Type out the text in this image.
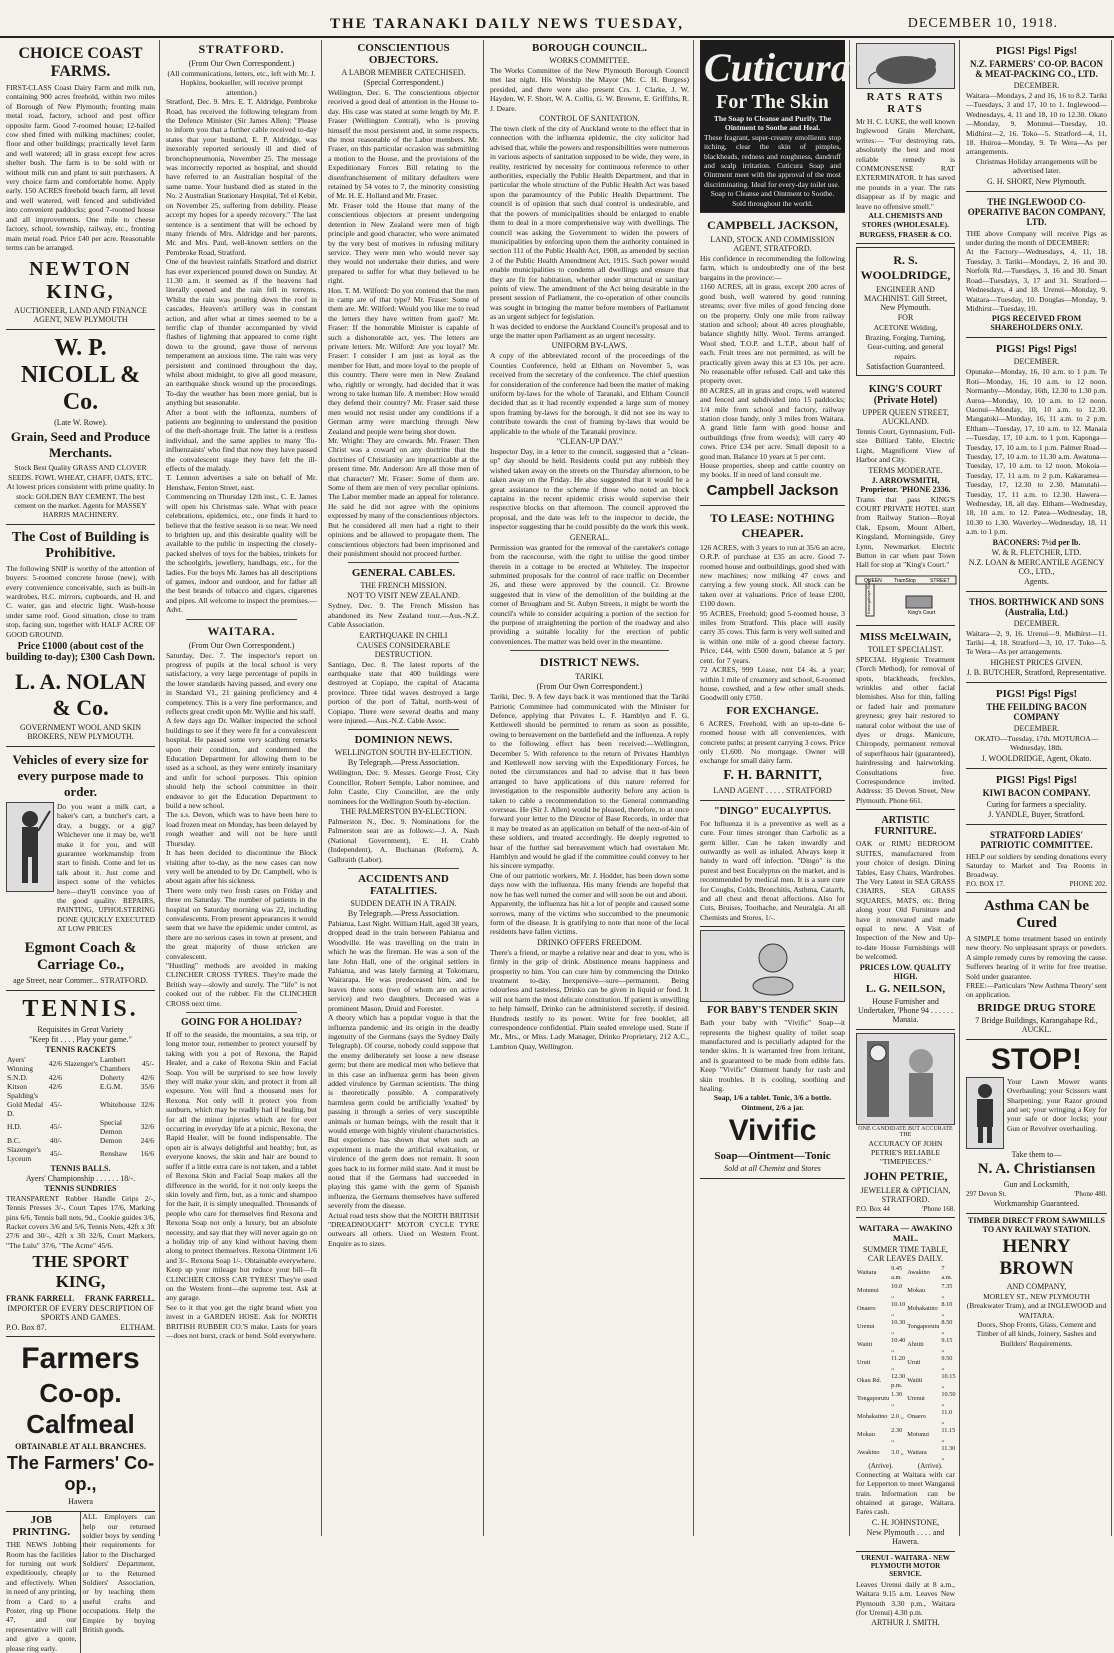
THE TARANAKI DAILY NEWS TUESDAY,	DECEMBER 10, 1918.
CHOICE COAST FARMS.

FIRST-CLASS Coast Dairy Farm and milk run, containing 900 acres freehold, within two miles of Borough of New Plymouth; fronting main metal road, factory, school and post office opposite farm. Good 7-roomed house; 12-bailed cow shed fitted with milking machines; cooler, floor and other buildings; practically level farm and well watered; all in grass except few acres shelter bush. The farm is to be sold with or without milk run and plant to suit purchasers. A very choice farm and comfortable home. Apply early. 150 ACRES freehold beach farm, all level and well watered, well fenced and subdivided into convenient paddocks; good 7-roomed house and all improvements. One mile to cheese factory, school, township, railway, etc., fronting main metal road. Price £40 per acre. Reasonable terms can be arranged.

NEWTON KING,
AUCTIONEER, LAND AND FINANCE AGENT, NEW PLYMOUTH
W. P. NICOLL & Co.
(Late W. Rowe).
Grain, Seed and Produce Merchants.

Stock Best Quality GRASS AND CLOVER SEEDS. FOWL WHEAT, CHAFF, OATS, ETC. At lowest prices consistent with prime quality. In stock: GOLDEN BAY CEMENT. The best cement on the market. Agents for MASSEY HARRIS MACHINERY.

The Cost of Building is Prohibitive.

The following SNIP is worthy of the attention of buyers: 5-roomed concrete house (new), with every convenience conceivable, such as built-in wardrobes, H.C. mirrors, cupboards, and H. and C. water, gas and electric light. Wash-house under same roof. Good situation, close to tram stop, facing sun, together with HALF ACRE OF GOOD GROUND.

Price £1000 (about cost of the building to-day); £300 Cash Down.
L. A. NOLAN & Co.
GOVERNMENT WOOL AND SKIN BROKERS, NEW PLYMOUTH.
Vehicles of every size for every purpose made to order.

Do you want a milk cart, a baker's cart, a butcher's cart, a dray, a buggy, or a gig? Whichever one it may be, we'll make it for you, and will guarantee workmanship from start to finish. Come and let us talk about it. Just come and inspect some of the vehicles here—they'll convince you of the good quality. REPAIRS, PAINTING, UPHOLSTERING DONE QUICKLY EXECUTED AT LOW PRICES

Egmont Coach & Carriage Co.,
age Street, near Commer... STRATFORD.
TENNIS.
Requisites in Great Variety
"Keep fit . . . . Play your game."
TENNIS RACKETS
Ayers' Winning	42/6	Slazenger's	Lambert Chambers	45/-
S.N.D.	42/6		Doherty	42/6
Kitson	42/6		E.G.M.	35/6
Spalding's Gold Medal D.	45/-		Whitehouse	32/6
H.D.	45/-		Special Demon	32/6
B.C.	40/-		Demon	24/6
Slazenger's Lyceum	45/-		Renshaw	16/6
TENNIS BALLS.
Ayers' Championship . . . . . . 18/-.
TENNIS SUNDRIES

TRANSPARENT Rubber Handle Grips 2/-, Tennis Presses 3/-, Court Tapes 17/6, Marking pins 6/6, Tennis ball nets, 9d., Cookie guides 3/6, Racket covers 3/6 and 5/6, Tennis Nets, 42ft x 3ft 27/6 and 30/-, 42ft x 3ft 32/6, Court Markers, "The Lulu" 37/6, "The Acme" 45/6.

THE SPORT KING,
FRANK FARRELL FRANK FARRELL.
IMPORTER OF EVERY DESCRIPTION OF SPORTS AND GAMES.
P.O. Box 87.	ELTHAM.
Farmers
Co-op. Calfmeal
OBTAINABLE AT ALL BRANCHES.
The Farmers' Co-op.,
Hawera
JOB PRINTING.

THE NEWS Jobbing Room has the facilities for turning out work expeditiously, cheaply and effectively. When in need of any printing, from a Card to a Poster, ring up Phone 47, and our representative will call and give a quote, please ring early.

ALL Employers can help our returned soldier boys by sending their requirements for labor to the Discharged Soldiers' Department, or to the Returned Soldiers' Association, or by teaching them useful crafts and occupations. Help the Empire by buying British goods.

STRATFORD.
(From Our Own Correspondent.)

(All communications, letters, etc., left with Mr. J. Hopkins, bookseller, will receive prompt attention.)

Stratford, Dec. 9. Mrs. E. T. Aldridge, Pembroke Road, has received the following telegram from the Defence Minister (Sir James Allen): "Please to inform you that a further cable received to-day states that your husband, E. P. Aldridge, was inexorably reported seriously ill and died of bronchopneumonia, November 25. The message was incorrectly reported as hospital, and should have referred to an Australian hospital of the same name. Your husband died as stated in the No. 2 Australian Stationary Hospital, Tel el Kebir, on November 25, suffering from debility. Please accept my hopes for a speedy recovery." The last sentence is a sentiment that will be echoed by many friends of Mrs. Aldridge and her parents, Mr. and Mrs. Paul, well-known settlers on the Pembroke Road, Stratford.

One of the heaviest rainfalls Stratford and district has ever experienced poured down on Sunday. At 11.30 a.m. it seemed as if the heavens had literally opened and the rain fell in torrents. Whilst the rain was pouring down the roof in cascades, Heaven's artillery was in constant action, and after what at times seemed to be a terrific clap of thunder accompanied by vivid flashes of lightning that appeared to come right down to the ground, gave those of nervous temperament an anxious time. The rain was very persistent and continued throughout the day, whilst about midnight, to give all good measure, an earthquake shock wound up the proceedings. To-day the weather has been more genial, but is anything but seasonable.

After a bout with the influenza, numbers of patients are beginning to understand the position of the theft-shortage fruit. The latter is a restless individual, and the same applies to many 'flu-influenzaists' who find that now they have passed the convalescent stage they have felt the ill-effects of the malady.

T. Lennon advertises a sale on behalf of Mr. Henshaw, Fenton Street, east.

Commencing on Thursday 12th inst., C. E. James will open his Christmas sale. What with peace celebrations, epidemics, etc., one finds it hard to believe that the festive season is so near. We need to brighten up, and this desirable quality will be available to the public in inspecting the closely-packed shelves of toys for the babies, trinkets for the schoolgirls, jewellery, handbags, etc., for the ladies. For the boys Mr. James has all descriptions of games, indoor and outdoor, and for father all the best brands of tobacco and cigars, cigarettes and pipes. All welcome to inspect the premises.—Advt.

WAITARA.
(From Our Own Correspondent.)

Saturday, Dec. 7. The inspector's report on progress of pupils at the local school is very satisfactory, a very large percentage of pupils in the lower standards having passed, and every one in Standard VI., 21 gaining proficiency and 4 competency. This is a very fine performance, and reflects great credit upon Mr. Wyllie and his staff.

A few days ago Dr. Walker inspected the school buildings to see if they were fit for a convalescent hospital. He passed some very scathing remarks upon their condition, and condemned the Education Department for allowing them to be used as a school, as they were entirely insanitary and unfit for school purposes. This opinion should help the school committee in their endeavor to get the Education Department to build a new school.

The s.s. Devon, which was to have been here to load frozen meat on Monday, has been delayed by rough weather and will not be here until Thursday.

It has been decided to discontinue the Block visiting after to-day, as the new cases can now very well be attended to by Dr. Campbell, who is about again after his sickness.

There were only two fresh cases on Friday and three on Saturday. The number of patients in the hospital on Saturday morning was 22, including convalescents. From present appearances it would seem that we have the epidemic under control, as there are no serious cases in town at present, and the great majority of those stricken are convalescent.

"Hustling" methods are avoided in making CLINCHER CROSS TYRES. They're made the British way—slowly and surely. The "life" is not cooked out of the rubber. Fit the CLINCHER CROSS next time.

GOING FOR A HOLIDAY?

If off to the seaside, the mountains, a sea trip, or long motor tour, remember to protect yourself by taking with you a pot of Rexona, the Rapid Healer, and a cake of Rexona Skin and Facial Soap. You will be surprised to see how lovely they will make your skin, and protect it from all exposure. You will find a thousand uses for Rexona. Not only will it protect you from sunburn, which may be readily had if healing, but for all the minor injuries which are for ever occurring in everyday life at a picnic, Rexona, the Rapid Healer, will be found indispensable. The open air is always delightful and healthy; but, as everyone knows, the skin and hair are bound to suffer if a little extra care is not taken, and a tablet of Rexona Skin and Facial Soap makes all the difference in the world, for it not only keeps the skin lovely and firm, but, as a tonic and shampoo for the hair, it is simply unequalled. Thousands of people who care for themselves find Rexona and Rexona Soap not only a luxury, but an absolute necessity, and say that they will never again go on a holiday trip of any kind without having them along to protect themselves. Rexona Ointment 1/6 and 3/-. Rexona Soap 1/-. Obtainable everywhere.

Keep up your mileage but reduce your bill—fit CLINCHER CROSS CAR TYRES! They're used on the Western front—the supreme test. Ask at any garage.

See to it that you get the right brand when you invest in a GARDEN HOSE. Ask for NORTH BRITISH RUBBER CO.'S make. Lasts for years—does not burst, crack or bend. Sold everywhere.

CONSCIENTIOUS OBJECTORS.
A LABOR MEMBER CATECHISED.
(Special Correspondent.)

Wellington, Dec. 6. The conscientious objector received a good deal of attention in the House to-day. His case was stated at some length by Mr. P. Fraser (Wellington Central), who is proving himself the most persistent and, in some respects, the most reasonable of the Labor members. Mr. Fraser, on this particular occasion was submitting a motion to the House, and the provisions of the Expeditionary Forces Bill relating to the disenfranchisement of military defaulters were retained by 54 votes to 7, the minority consisting of Mr. H. E. Holland and Mr. Fraser.

Mr. Fraser told the House that many of the conscientious objectors at present undergoing detention in New Zealand were men of high principle and good character, who were animated by the very best of motives in refusing military service. They were men who would never say they would not undertake their duties, and were prepared to suffer for what they believed to be right.

Hon. T. M. Wilford: Do you contend that the men in camp are of that type? Mr. Fraser: Some of them are. Mr. Wilford: Would you like me to read the letters they have written from gaol? Mr. Fraser: If the honorable Minister is capable of such a dishonorable act, yes. The letters are private letters. Mr. Wilford: Are you loyal? Mr. Fraser: I consider I am just as loyal as the member for Hutt, and more loyal to the people of this country. There were men in New Zealand who, rightly or wrongly, had decided that it was wrong to take human life. A member: How would they defend their country? Mr. Fraser said these men would not resist under any conditions if a German army were marching through New Zealand and people were being shot down.

Mr. Wright: They are cowards. Mr. Fraser: Then Christ was a coward on any doctrine that the doctrines of Christianity are impracticable at the present time. Mr. Anderson: Are all those men of that character? Mr. Fraser: Some of them are. Some of them are men of very peculiar opinions. The Labor member made an appeal for tolerance. He said he did not agree with the opinions expressed by many of the conscientious objectors. But he considered all men had a right to their opinions and be allowed to propagate them. The conscientious objectors had been imprisoned and their punishment should not proceed further.

GENERAL CABLES.
THE FRENCH MISSION.
NOT TO VISIT NEW ZEALAND.

Sydney, Dec. 9. The French Mission has abandoned its New Zealand tour.—Aus.-N.Z. Cable Association.

EARTHQUAKE IN CHILI
CAUSES CONSIDERABLE DESTRUCTION.

Santiago, Dec. 8. The latest reports of the earthquake state that 400 buildings were destroyed at Copiapo, the capital of Atacama province. Three tidal waves destroyed a large portion of the port of Taltal, north-west of Copiapo. There were several deaths and many were injured.—Aus.-N.Z. Cable Assoc.

DOMINION NEWS.
WELLINGTON SOUTH BY-ELECTION.
By Telegraph.—Press Association.

Wellington, Dec. 9. Messrs. George Frost, City Councillor, Robert Semple, Labor nominee, and John Castle, City Councillor, are the only nominees for the Wellington South by-election.

THE PALMERSTON BY-ELECTION.

Palmerston N., Dec. 9. Nominations for the Palmerston seat are as follows:—J. A. Nash (National Government), E. H. Crabb (Independent), A. Buchanan (Reform), A. Galbraith (Labor).

ACCIDENTS AND FATALITIES.
SUDDEN DEATH IN A TRAIN.
By Telegraph.—Press Association.

Pahiatua, Last Night. William Hall, aged 38 years, dropped dead in the train between Pahiatua and Woodville. He was travelling on the train in which he was the fireman. He was a son of the late John Hall, one of the original settlers in Pahiatua, and was lately farming at Tokomaru, Wairarapa. He was predeceased him, and he leaves three sons (two of whom are on active service) and two daughters. Deceased was a prominent Mason, Druid and Forester.

A theory which has a popular vogue is that the influenza pandemic and its origin in the deadly ingenuity of the Germans (says the Sydney Daily Telegraph). Of course, nobody could suppose that the enemy deliberately set loose a new disease germ; but there are medical men who believe that in this case an influenza germ has been given added virulence by German scientists. The thing is theoretically possible. A comparatively harmless germ could be artificially 'exalted' by passing it through a series of very susceptible animals or human beings, with the result that it would emerge with highly virulent characteristics. But experience has shown that when such an experiment is made the artificial exaltation, or virulence of the germ does not remain. It soon goes back to its former mild state. And it must be noted that if the Germans had succeeded in playing this game with the germ of Spanish influenza, the Germans themselves have suffered severely from the disease.

Actual road tests show that the NORTH BRITISH "DREADNOUGHT" MOTOR CYCLE TYRE outwears all others. Used on Western Front. Enquire as to sizes.

BOROUGH COUNCIL.
WORKS COMMITTEE.

The Works Committee of the New Plymouth Borough Council met last night. His Worship the Mayor (Mr. C. H. Burgess) presided, and there were also present Crs. J. Clarke, J. W. Hayden, W. F. Short, W. A. Collis, G. W. Browne, E. Griffiths, R. J. Deare.

CONTROL OF SANITATION.

The town clerk of the city of Auckland wrote to the effect that in connection with the influenza epidemic, the city solicitor had advised that, while the powers and responsibilities were numerous in various aspects of sanitation supposed to be wide, they were, in reality, restricted by necessity for continuous reference to other authorities, especially the Public Health Department, and that in particular the whole structure of the Public Health Act was based upon the paramountcy of the Public Health Department. The council is of opinion that such dual control is undesirable, and that the powers of municipalities should be enlarged to enable them to deal in a more comprehensive way with dwellings. The council was asking the Government to widen the powers of municipalities by enforcing upon them the authority contained in section 111 of the Public Health Act, 1908, as amended by section 2 of the Public Health Amendment Act, 1915. Such power would enable municipalities to condemn all dwellings and ensure that they are fit for habitation, whether under structural or sanitary points of view. The amendment of the Act being desirable in the present session of Parliament, the co-operation of other councils was sought in bringing the matter before members of Parliament as an urgent subject for legislation.

It was decided to endorse the Auckland Council's proposal and to urge the matter upon Parliament as an urgent necessity.

UNIFORM BY-LAWS.

A copy of the abbreviated record of the proceedings of the Counties Conference, held at Eltham on November 5, was received from the secretary of the conference. The chief question for consideration of the conference had been the matter of making uniform by-laws for the whole of Taranaki, and Eltham Council decided that as it had recently expended a large sum of money upon framing by-laws for the borough, it did not see its way to contribute towards the cost of framing by-laws that would be applicable to the whole of the Taranaki province.

"CLEAN-UP DAY."

Inspector Day, in a letter to the council, suggested that a "clean-up" day should be held. Residents could put any rubbish they wished taken away on the streets on the Thursday afternoon, to be taken away on the Friday. He also suggested that it would be a great assistance to the scheme if those who noted an block captains in the recent epidemic crisis would supervise their respective blocks on that afternoon. The council approved the proposal, and the date was left to the inspector to decide, the inspector suggesting that he could possibly do the work this week.

GENERAL.

Permission was granted for the removal of the caretaker's cottage from the racecourse, with the right to utilise the good timber therein in a cottage to be erected at Whiteley. The inspector submitted proposals for the control of race traffic on December 26, and these were approved by the council. Cr. Browne suggested that in view of the demolition of the building at the corner of Brougham and St. Aubyn Streets, it might be worth the council's while to consider acquiring a portion of the section for the purpose of straightening the portion of the roadway and also providing a suitable locality for the erection of public conveniences. The matter was held over in the meantime.

DISTRICT NEWS.
TARIKI.
(From Our Own Correspondent.)

Tariki, Dec. 9. A few days back it was mentioned that the Tariki Patriotic Committee had communicated with the Minister for Defence, applying that Privates L. F. Hamblyn and F. G. Kettlewell should be permitted to return as soon as possible, owing to bereavement on the battlefield and the influenza. A reply to the following effect has been received:—Wellington, December 5. With reference to the return of Privates Hamblyn and Kettlewell now serving with the Expeditionary Forces, he noted the circumstances and had to advise that it has been arranged to have applications of this nature referred for investigation to the responsible authority before any action is taken to cable a recommendation to the General commanding overseas. He (Sir J. Allen) would be pleased, therefore, to at once forward your letter to the Director of Base Records, in order that it may be treated as an application on behalf of the next-of-kin of these soldiers, and treated accordingly. He deeply regretted to hear of the further sad bereavement which had overtaken Mr. Hamblyn and would be glad if the committee could convey to her his sincere sympathy.

One of our patriotic workers, Mr. J. Hodder, has been down some days now with the influenza. His many friends are hopeful that now he has well turned the corner and will soon be out and about.

Apparently, the influenza has hit a lot of people and caused some sorrows, many of the victims who succumbed to the pneumonic form of the disease. It is gratifying to note that none of the local residents have fallen victims.

DRINKO OFFERS FREEDOM.

There's a friend, or maybe a relative near and dear to you, who is firmly in the grip of drink. Abstinence means happiness and prosperity to him. You can cure him by commencing the Drinko treatment to-day. Inexpensive—sure—permanent. Being odourless and tasteless, Drinko can be given in liquid or food. It will not harm the most delicate constitution. If patient is unwilling to help himself, Drinko can be administered secretly, if desired. Hundreds testify to its power. Write for free booklet, all correspondence confidential. Plain sealed envelope used. State if Mr., Mrs., or Miss. Lady Manager, Drinko Proprietary, 212 A.C., Lambton Quay, Wellington.

Cuticura
For The Skin

The Soap to Cleanse and Purify. The Ointment to Soothe and Heal.

These fragrant, super-creamy emollients stop itching, clear the skin of pimples, blackheads, redness and roughness, dandruff and scalp irritation. Cuticura Soap and Ointment meet with the approval of the most discriminating. Ideal for every-day toilet use.

Soap to Cleanse and Ointment to Soothe. Sold throughout the world.

CAMPBELL JACKSON,
LAND, STOCK AND COMMISSION AGENT, STRATFORD.

His confidence in recommending the following farm, which is undoubtedly one of the best bargains in the province:—

1160 ACRES, all in grass, except 200 acres of good bush, well watered by good running streams; over five miles of good fencing done on the property. Only one mile from railway station and school; about 40 acres ploughable, balance slightly hilly. Wool. Terms arranged. Wool shed, T.O.P. and L.T.P., about half of each. Fruit trees are not permitted, as will be practically given away this at £3 10s. per acre. No reasonable offer refused. Call and take this property over.

80 ACRES, all in grass and crops, well watered and fenced and subdivided into 15 paddocks; 1/4 mile from school and factory, railway station close handy, only 3 miles from Waitara. A grand little farm with good house and outbuildings (free from weeds); will carry 40 cows. Price £34 per acre. Small deposit to a good man. Balance 10 years at 5 per cent.

House properties, sheep and cattle country on my books. If in need of land consult me.

Campbell Jackson
TO LEASE: NOTHING CHEAPER.

126 ACRES, with 3 years to run at 35/6 an acre, O.R.P. of purchase at £35 an acre. Good 7-roomed house and outbuildings, good shed with new machines; now milking 47 cows and carrying a few young stock. All stock can be taken over at valuations. Price of lease £200, £100 down.

95 ACRES, Freehold; good 5-roomed house, 3 miles from Stratford. This place will easily carry 35 cows. This farm is very well suited and is within one mile of a good cheese factory. Price, £44, with £500 down, balance at 5 per cent. for 7 years.

72 ACRES, 999 Lease, rent £4 4s. a year; within 1 mile of creamery and school, 6-roomed house, cowshed, and a few other small sheds. Goodwill only £750.

FOR EXCHANGE.

6 ACRES, Freehold, with an up-to-date 6-roomed house with all conveniences, with concrete paths; at present carrying 3 cows. Price only £1,600. No mortgage. Owner will exchange for small dairy farm.

F. H. BARNITT,
LAND AGENT . . . . . STRATFORD
"DINGO" EUCALYPTUS.

For Influenza it is a preventive as well as a cure. Four times stronger than Carbolic as a germ killer. Can be taken inwardly and outwardly as well as inhaled. Always keep it handy to ward off infection. "Dingo" is the purest and best Eucalyptus on the market, and is recommended by medical men. It is a sure cure for Coughs, Colds, Bronchitis, Asthma, Catarrh, and all chest and throat affections. Also for Cuts, Bruises, Toothache, and Neuralgia. At all Chemists and Stores, 1/-.

FOR BABY'S TENDER SKIN

Bath your baby with "Vivific" Soap—it represents the highest quality of toilet soap manufactured and is peculiarly adapted for the tender skins. It is warranted free from irritant, and is guaranteed to be made from edible fats. Keep "Vivific" Ointment handy for rash and skin troubles. It is cooling, soothing and healing.

Soap, 1/6 a tablet. Tonic, 3/6 a bottle. Ointment, 2/6 a jar.

Vivific
Soap—Ointment—Tonic
Sold at all Chemist and Stores
RATS RATS RATS

Mr H. C. LUKE, the well known Inglewood Grain Merchant, writes:— "For destroying rats, absolutely the best and most reliable remedy is COMMONSENSE RAT EXTERMINATOR. It has saved me pounds in a year. The rats disappear as if by magic and leave no offensive smell."

ALL CHEMISTS AND STORES (WHOLESALE). BURGESS, FRASER & CO.

R. S. WOOLDRIDGE,
ENGINEER AND MACHINIST. Gill Street, New Plymouth.
FOR

ACETONE Welding, Brazing, Forging, Turning, Gear-cutting, and general repairs.

Satisfaction Guaranteed.
KING'S COURT (Private Hotel)
UPPER QUEEN STREET, AUCKLAND.

Tennis Court, Gymnasium, Full-size Billiard Table, Electric Light, Magnificent View of Harbor and City.

TERMS MODERATE.
J. ARROWSMITH, Proprietor. 'PHONE 2336.

Trams that pass KING'S COURT PRIVATE HOTEL start from Railway Station—Royal Oak, Epsom, Mount Albert, Kingsland, Morningside, Grey Lynn, Newmarket. Electric Button in car when past Town Hall for stop at "King's Court."

QUEEN TramStop	STREET
Karangahape Road	King's Court
MISS McELWAIN,
TOILET SPECIALIST.

SPECIAL Hygienic Treatment (Torch Method), for removal of spots, blackheads, freckles, wrinkles and other facial blemishes. Also for thin, falling or faded hair and premature greyness; grey hair restored to natural color without the use of dyes or drugs. Manicure, Chiropody, permanent removal of superfluous hair (guaranteed), hairdressing and hairworking. Consultations free. Correspondence invited. Address: 35 Devon Street, New Plymouth. Phone 661.

ARTISTIC FURNITURE.

OAK or RIMU BEDROOM SUITES, manufactured from your choice of design. Dining Tables, Easy Chairs, Wardrobes. The Very Latest in SEA GRASS CHAIRS, SEA GRASS SQUARES, MATS, etc. Bring along your Old Furniture and have it renovated and made equal to new. A Visit of Inspection of the New and Up-to-date House Furnishings will be welcomed.

PRICES LOW. QUALITY HIGH.
L. G. NEILSON,
House Furnisher and Undertaker, 'Phone 94 . . . . . . Manaia.
ONE CANDIDATE BUT ACCURATE THE

ACCURACY OF JOHN PETRIE'S RELIABLE "TIMEPIECES."

JOHN PETRIE,
JEWELLER & OPTICIAN, STRATFORD.
P.O. Box 44	'Phone 168.
WAITARA — AWAKINO MAIL.
SUMMER TIME TABLE, CAR LEAVES DAILY.
Waitara	9.45 a.m.	Awakino	7 a.m.
Motunui	10.0 ,,	Mokau	7.35 ,,
Onaero	10.10 ,,	Mohakatino	8.10 ,,
Urenui	10.30 ,,	Tongaporutu	8.50 ,,
Waiiti	10.40 ,,	Ahititi	9.15 ,,
Uruti	11.20 ,,	Uruti	9.50 ,,
Okau Rd.	12.30 p.m.	Waiiti	10.15 ,,
Tongaporutu	1.30 ,,	Urenui	10.50 ,,
Mohakatino	2.0 ,,	Onaero	11.0 ,,
Mokau	2.30 ,,	Motunui	11.15 ,,
Awakino	3.0 ,,	Waitara	11.30 ,,
(Arrive).	(Arrive).

Connecting at Waitara with car for Lepperton to meet Wanganui train. Information can be obtained at garage, Waitara. Fares cash.

C. H. JOHNSTONE,
New Plymouth . . . . and Hawera.
URENUI - WAITARA - NEW PLYMOUTH MOTOR SERVICE.

Leaves Urenui daily at 8 a.m., Waitara 9.15 a.m. Leaves New Plymouth 3.30 p.m., Waitara (for Urenui) 4.30 p.m.

ARTHUR J. SMITH.
PIGS! Pigs! Pigs!
N.Z. FARMERS' CO-OP. BACON & MEAT-PACKING CO., LTD.
DECEMBER.

Waitara—Mondays, 2 and 16, 16 to 8.2. Tariki—Tuesdays, 3 and 17, 10 to 1. Inglewood—Wednesdays, 4, 11 and 18, 10 to 12.30. Okato—Monday, 9. Motunui—Tuesday, 10. Midhirst—2, 16. Toko—5. Stratford—4, 11, 18. Huiroa—Monday, 9. Te Wera—As per arrangements.

Christmas Holiday arrangements will be advertised later.

G. H. SHORT, New Plymouth.
THE INGLEWOOD CO-OPERATIVE BACON COMPANY, LTD.

THE above Company will receive Pigs as under during the month of DECEMBER:

At the Factory—Wednesdays, 4, 11, 18. Tuesday, 3. Tariki—Mondays, 2, 16 and 30. Norfolk Rd.—Tuesdays, 3, 16 and 30. Smart Road—Tuesdays, 3, 17 and 31. Stratford—Wednesdays, 4 and 18. Urenui—Monday, 9. Waitara—Tuesday, 10. Douglas—Monday, 9. Midhirst—Tuesday, 10.

PIGS RECEIVED FROM SHAREHOLDERS ONLY.
PIGS! Pigs! Pigs!
DECEMBER.

Opunake—Monday, 16, 10 a.m. to 1 p.m. Te Roti—Monday, 16, 10 a.m. to 12 noon. Normanby—Monday, 16th, 12.30 to 1.30 p.m. Auroa—Monday, 10, 10 a.m. to 12 noon. Oaonui—Monday, 10, 10 a.m. to 12.30. Mangatoki—Monday, 16, 11 a.m. to 2 p.m. Eltham—Tuesday, 17, 10 a.m. to 12. Manaia—Tuesday, 17, 10 a.m. to 1 p.m. Kaponga—Tuesday, 17, 10 a.m. to 1 p.m. Palmer Road—Tuesday, 17, 10 a.m. to 11.30 a.m. Awatuna—Tuesday, 17, 10 a.m. to 12 noon. Mokoia—Tuesday, 17, 11 a.m. to 2 p.m. Kakaramea—Tuesday, 17, 12.30 to 2.30. Manutahi—Tuesday, 17, 11 a.m. to 12.30. Hawera—Wednesday, 18, all day. Eltham—Wednesday, 18, 10 a.m. to 12. Patea—Wednesday, 18, 10.30 to 1.30. Waverley—Wednesday, 18, 11 a.m. to 1 p.m.

BACONERS: 7½d per lb.
W. & R. FLETCHER, LTD.
N.Z. LOAN & MERCANTILE AGENCY CO., LTD.,
Agents.
THOS. BORTHWICK AND SONS (Australia, Ltd.)
DECEMBER.

Waitara—2, 9, 16. Urenui—9. Midhirst—11. Tariki—4, 18. Stratford—3, 10, 17. Toko—5. Te Wera—As per arrangements.

HIGHEST PRICES GIVEN.
J. B. BUTCHER, Stratford, Representative.
PIGS! Pigs! Pigs!
THE FEILDING BACON COMPANY
DECEMBER.

OKATO—Tuesday, 17th. MOTUROA—Wednesday, 18th.

J. WOOLDRIDGE, Agent, Okato.
PIGS! Pigs! Pigs!
KIWI BACON COMPANY.
Curing for farmers a speciality.
J. YANDLE, Buyer, Stratford.
STRATFORD LADIES' PATRIOTIC COMMITTEE.

HELP our soldiers by sending donations every Saturday to Market and Tea Rooms in Broadway.

P.O. BOX 17.	PHONE 202.
Asthma CAN be Cured

A SIMPLE home treatment based on entirely new theory. No unpleasant sprays or powders. A simple remedy cures by removing the cause. Sufferers hearing of it write for free treatise. Sold under guarantee.

FREE:—Particulars 'New Asthma Theory' sent on application.

BRIDGE DRUG STORE
7 Bridge Buildings, Karangahape Rd., AUCKL.
STOP!

Your Lawn Mower wants Overhauling; your Scissors want Sharpening; your Razor ground and set; your wringing a Key for your safe or door locks; your Gun or Revolver overhauling.

Take them to—
N. A. Christiansen
Gun and Locksmith,
297 Devon St.	'Phone 480.
Workmanship Guaranteed.
TIMBER DIRECT FROM SAWMILLS TO ANY RAILWAY STATION.
HENRY BROWN
AND COMPANY,

MORLEY ST., NEW PLYMOUTH (Breakwater Tram), and at INGLEWOOD and WAITARA.

Doors, Shop Fronts, Glass, Cement and Timber of all kinds, Joinery, Sashes and Builders' Requirements.
